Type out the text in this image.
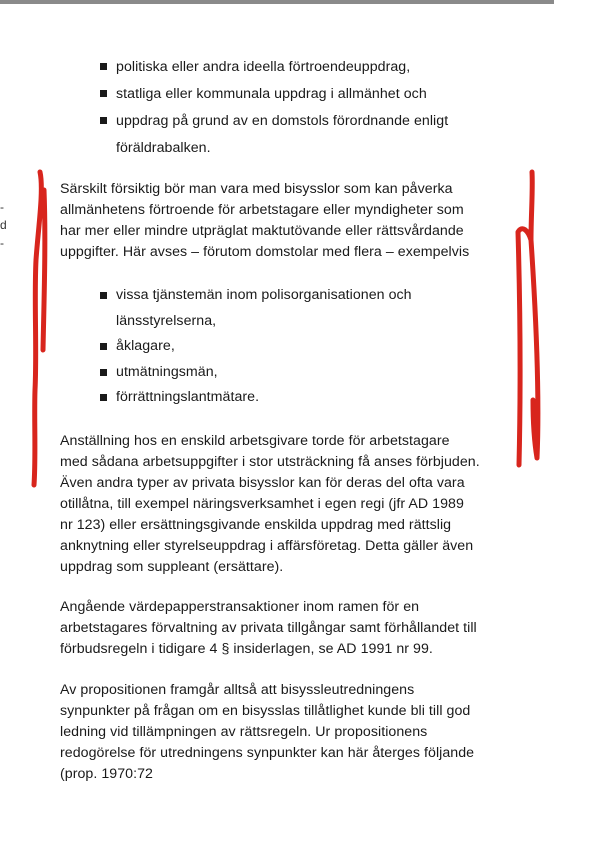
-
d
-
politiska eller andra ideella förtroendeuppdrag,
statliga eller kommunala uppdrag i allmänhet och
uppdrag på grund av en domstols förordnande enligt föräldrabalken.

Särskilt försiktig bör man vara med bisysslor som kan påverka allmänhetens förtroende för arbetstagare eller myndigheter som har mer eller mindre utpräglat maktutövande eller rättsvårdande uppgifter. Här avses – förutom domstolar med flera – exempelvis

vissa tjänstemän inom polisorganisationen och länsstyrelserna,
åklagare,
utmätningsmän,
förrättningslantmätare.

Anställning hos en enskild arbetsgivare torde för arbetstagare med sådana arbetsuppgifter i stor utsträckning få anses förbjuden. Även andra typer av privata bisysslor kan för deras del ofta vara otillåtna, till exempel näringsverksamhet i egen regi (jfr AD 1989 nr 123) eller ersättningsgivande enskilda uppdrag med rättslig anknytning eller styrelseuppdrag i affärsföretag. Detta gäller även uppdrag som suppleant (ersättare).

Angående värdepapperstransaktioner inom ramen för en arbetstagares förvaltning av privata tillgångar samt förhållandet till förbudsregeln i tidigare 4 § insiderlagen, se AD 1991 nr 99.

Av propositionen framgår alltså att bisysslеutredningens synpunkter på frågan om en bisysslas tillåtlighet kunde bli till god ledning vid tillämpningen av rättsregeln. Ur propositionens redogörelse för utredningens synpunkter kan här återges följande (prop. 1970:72
